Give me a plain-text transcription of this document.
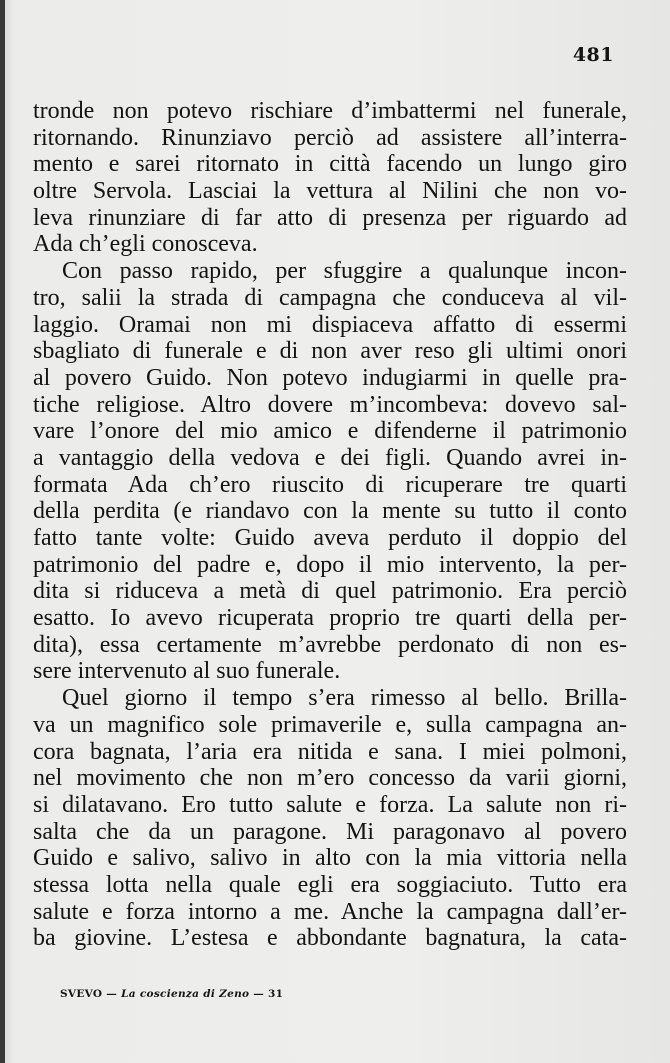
481
tronde non potevo rischiare d’imbattermi nel funerale,
ritornando. Rinunziavo perciò ad assistere all’interra-
mento e sarei ritornato in città facendo un lungo giro
oltre Servola. Lasciai la vettura al Nilini che non vo-
leva rinunziare di far atto di presenza per riguardo ad
Ada ch’egli conosceva.
Con passo rapido, per sfuggire a qualunque incon-
tro, salii la strada di campagna che conduceva al vil-
laggio. Oramai non mi dispiaceva affatto di essermi
sbagliato di funerale e di non aver reso gli ultimi onori
al povero Guido. Non potevo indugiarmi in quelle pra-
tiche religiose. Altro dovere m’incombeva: dovevo sal-
vare l’onore del mio amico e difenderne il patrimonio
a vantaggio della vedova e dei figli. Quando avrei in-
formata Ada ch’ero riuscito di ricuperare tre quarti
della perdita (e riandavo con la mente su tutto il conto
fatto tante volte: Guido aveva perduto il doppio del
patrimonio del padre e, dopo il mio intervento, la per-
dita si riduceva a metà di quel patrimonio. Era perciò
esatto. Io avevo ricuperata proprio tre quarti della per-
dita), essa certamente m’avrebbe perdonato di non es-
sere intervenuto al suo funerale.
Quel giorno il tempo s’era rimesso al bello. Brilla-
va un magnifico sole primaverile e, sulla campagna an-
cora bagnata, l’aria era nitida e sana. I miei polmoni,
nel movimento che non m’ero concesso da varii giorni,
si dilatavano. Ero tutto salute e forza. La salute non ri-
salta che da un paragone. Mi paragonavo al povero
Guido e salivo, salivo in alto con la mia vittoria nella
stessa lotta nella quale egli era soggiaciuto. Tutto era
salute e forza intorno a me. Anche la campagna dall’er-
ba giovine. L’estesa e abbondante bagnatura, la cata-
SVEVO — La coscienza di Zeno — 31
